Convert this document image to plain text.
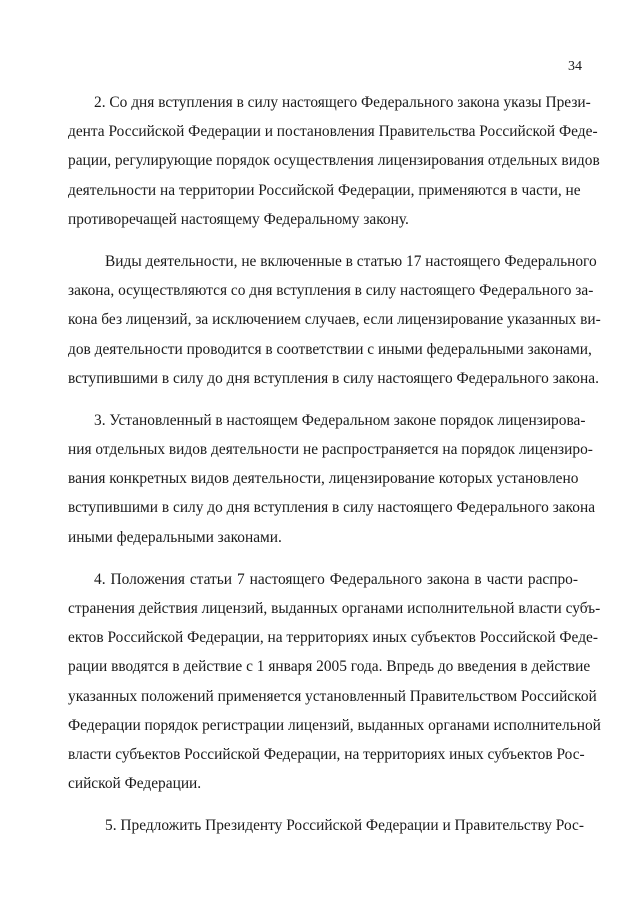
34
2. Со дня вступления в силу настоящего Федерального закона указы Прези-
дента Российской Федерации и постановления Правительства Российской Феде-
рации, регулирующие порядок осуществления лицензирования отдельных видов
деятельности на территории Российской Федерации, применяются в части, не
противоречащей настоящему Федеральному закону.
Виды деятельности, не включенные в статью 17 настоящего Федерального
закона, осуществляются со дня вступления в силу настоящего Федерального за-
кона без лицензий, за исключением случаев, если лицензирование указанных ви-
дов деятельности проводится в соответствии с иными федеральными законами,
вступившими в силу до дня вступления в силу настоящего Федерального закона.
3. Установленный в настоящем Федеральном законе порядок лицензирова-
ния отдельных видов деятельности не распространяется на порядок лицензиро-
вания конкретных видов деятельности, лицензирование которых установлено
вступившими в силу до дня вступления в силу настоящего Федерального закона
иными федеральными законами.
4. Положения статьи 7 настоящего Федерального закона в части распро-
странения действия лицензий, выданных органами исполнительной власти субъ-
ектов Российской Федерации, на территориях иных субъектов Российской Феде-
рации вводятся в действие с 1 января 2005 года. Впредь до введения в действие
указанных положений применяется установленный Правительством Российской
Федерации порядок регистрации лицензий, выданных органами исполнительной
власти субъектов Российской Федерации, на территориях иных субъектов Рос-
сийской Федерации.
5. Предложить Президенту Российской Федерации и Правительству Рос-
